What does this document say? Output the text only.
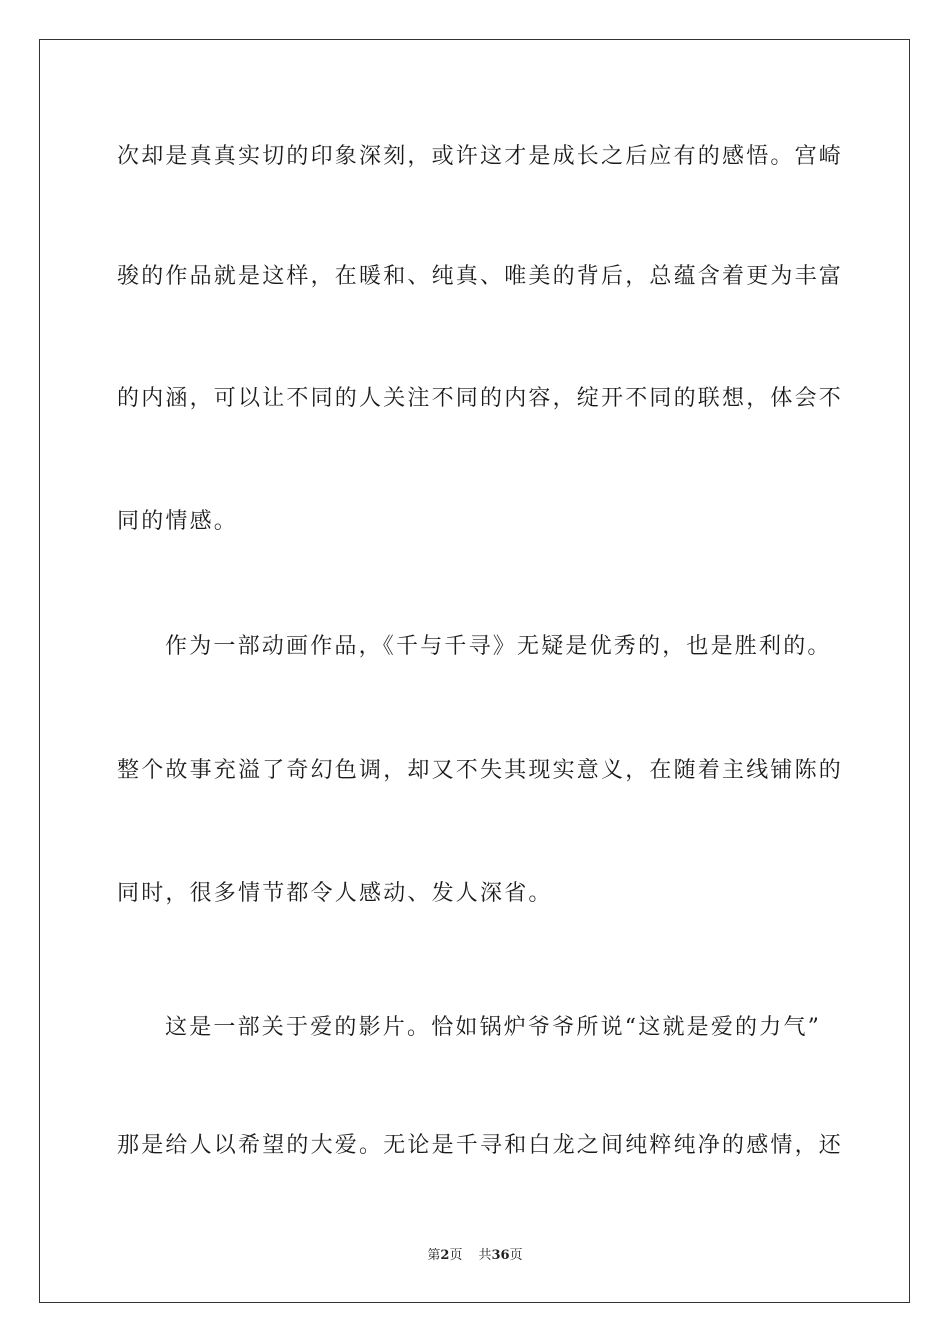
次却是真真实切的印象深刻，或许这才是成长之后应有的感悟。宫崎
骏的作品就是这样，在暖和、纯真、唯美的背后，总蕴含着更为丰富
的内涵，可以让不同的人关注不同的内容，绽开不同的联想，体会不
同的情感。
作为一部动画作品，《千与千寻》无疑是优秀的，也是胜利的。
整个故事充溢了奇幻色调，却又不失其现实意义，在随着主线铺陈的
同时，很多情节都令人感动、发人深省。
这是一部关于爱的影片。恰如锅炉爷爷所说“这就是爱的力气”
那是给人以希望的大爱。无论是千寻和白龙之间纯粹纯净的感情，还
第2页 共36页
